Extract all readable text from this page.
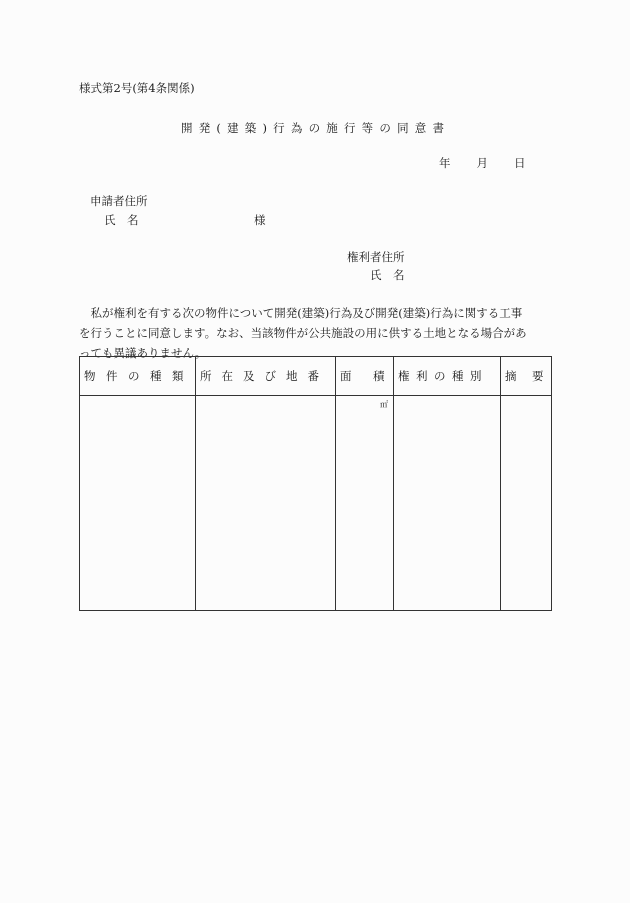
様式第2号(第4条関係)
開発(建築)行為の施行等の同意書
年 月 日
申請者住所
氏　名	様
権利者住所
氏　名

　私が権利を有する次の物件について開発(建築)行為及び開発(建築)行為に関する工事

を行うことに同意します。なお、当該物件が公共施設の用に供する土地となる場合があ

っても異議ありません。

物件の種類	所在及び地番	面　積	権利の種別	摘　要

		㎡		
